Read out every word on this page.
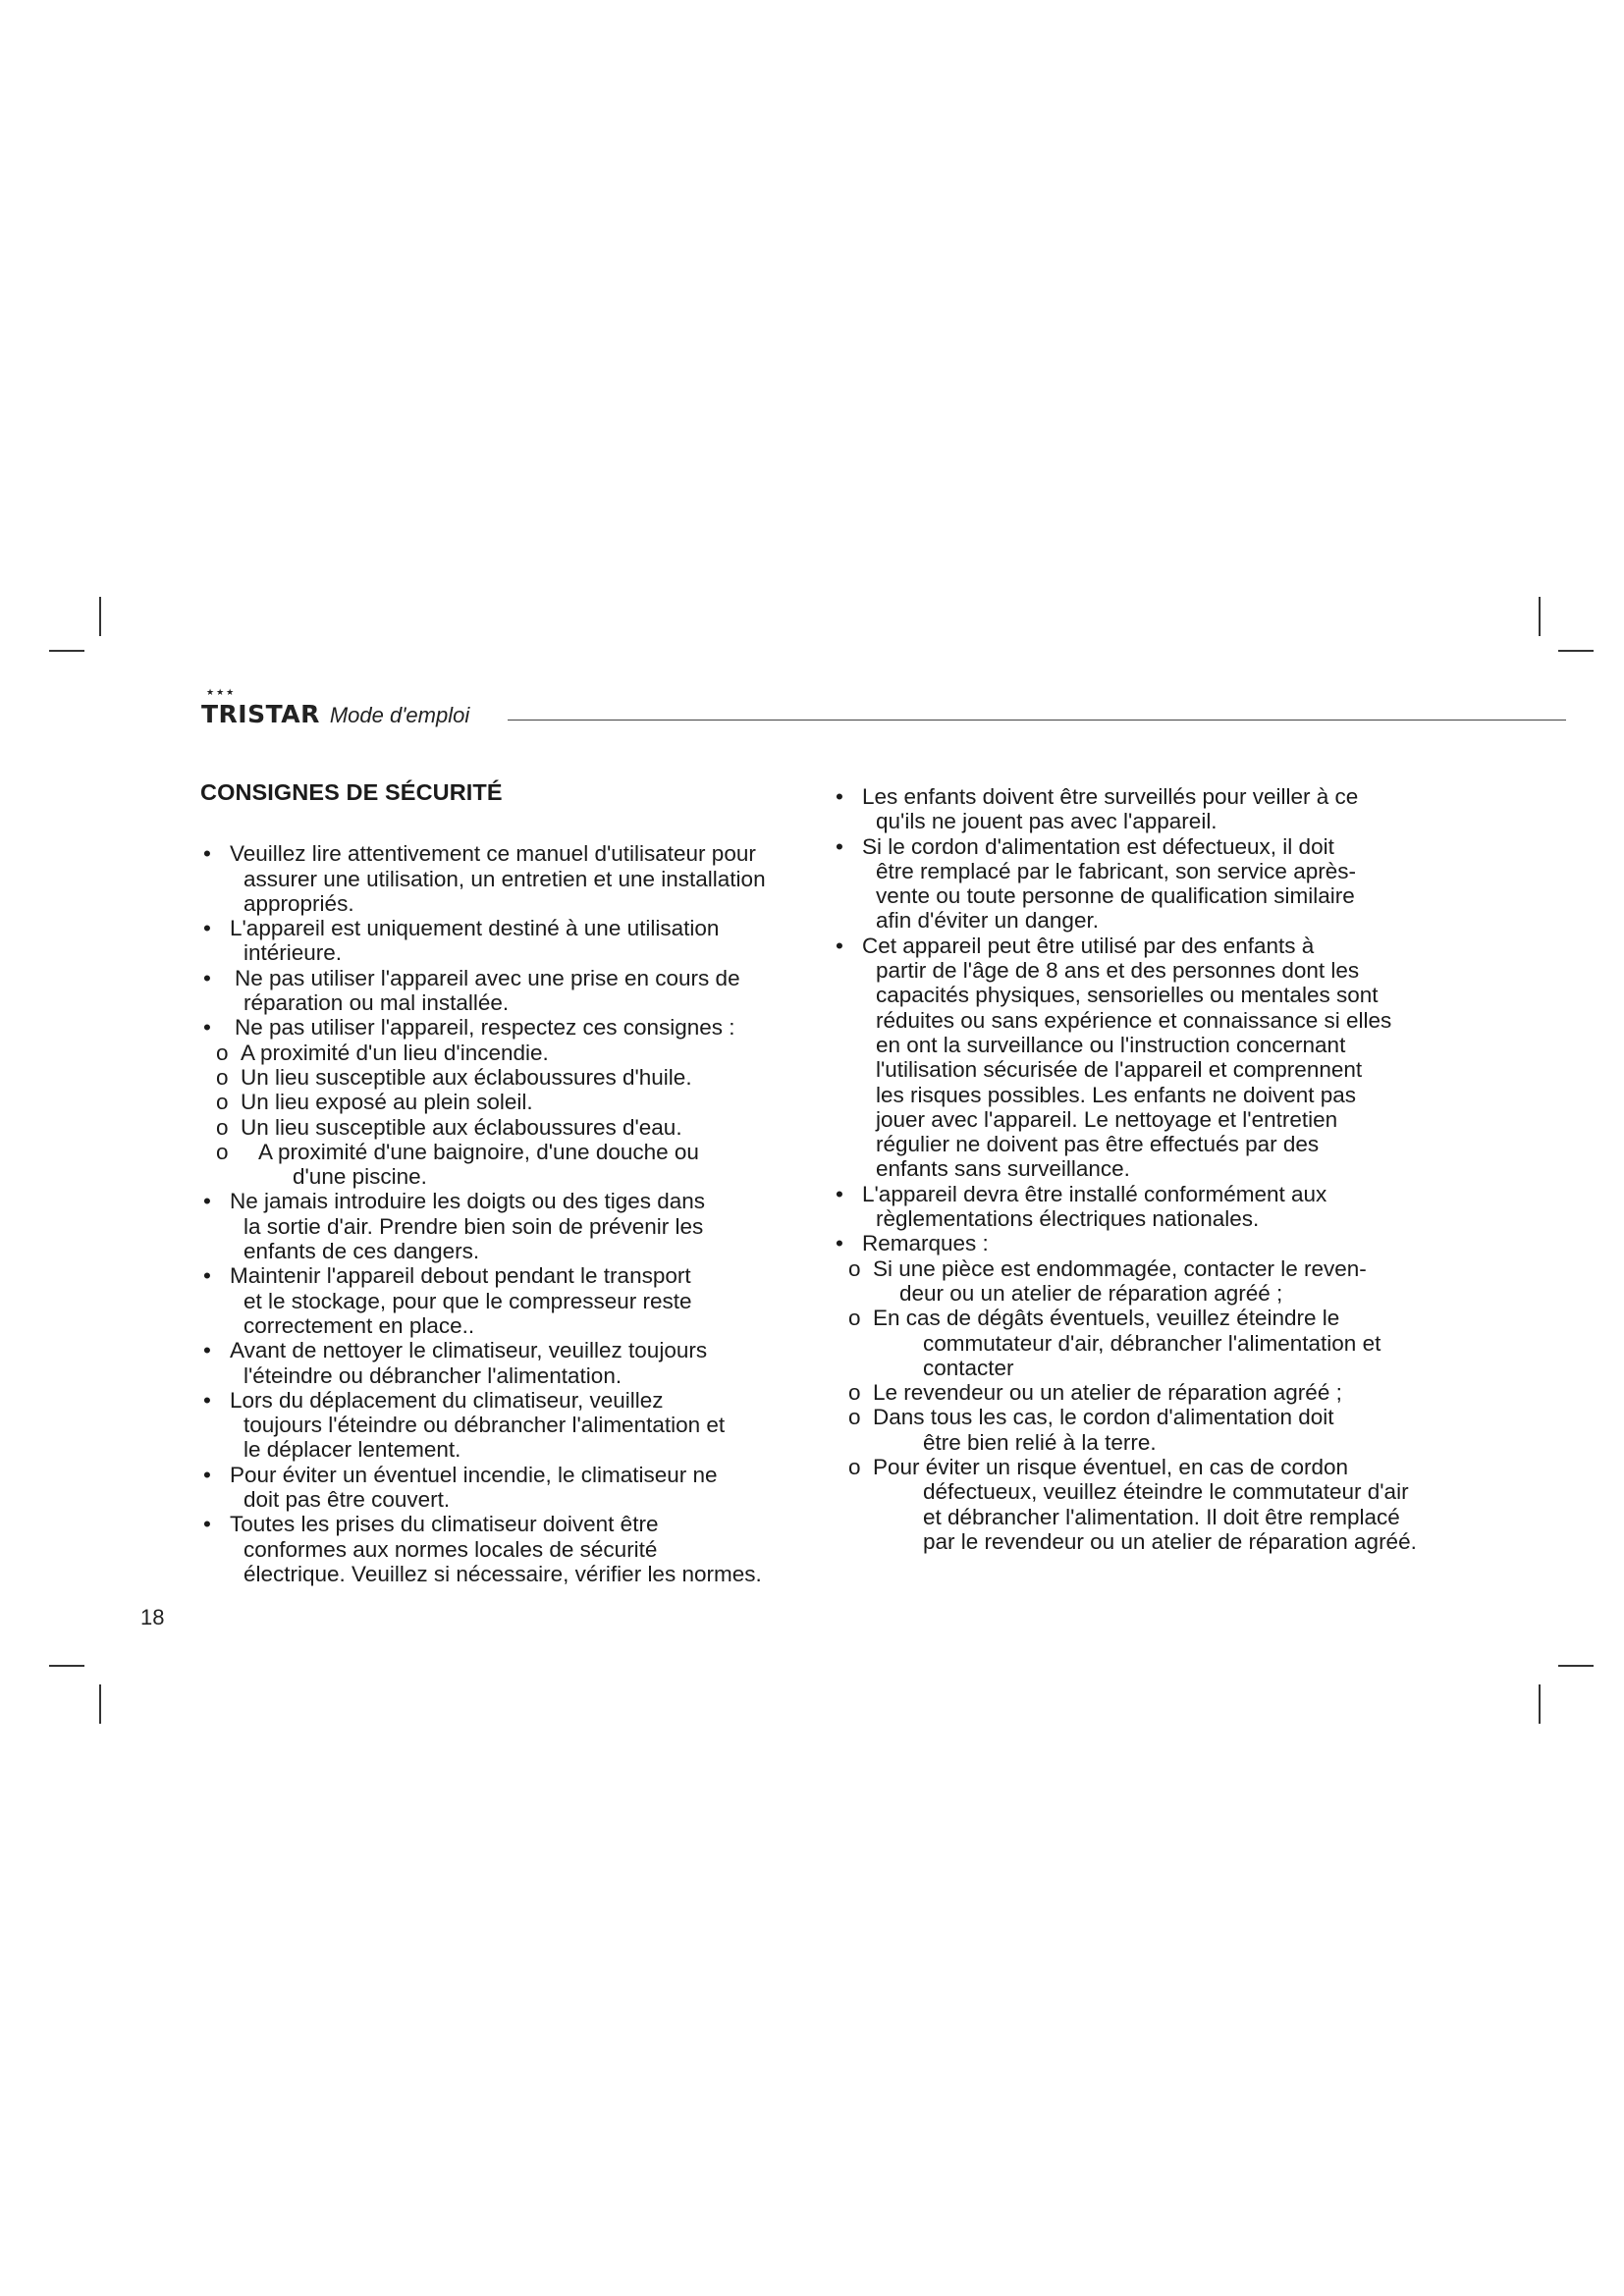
★★★
TRISTAR Mode d'emploi
CONSIGNES DE SÉCURITÉ
• Veuillez lire attentivement ce manuel d'utilisateur pour
assurer une utilisation, un entretien et une installation
appropriés.
• L'appareil est uniquement destiné à une utilisation
intérieure.
• Ne pas utiliser l'appareil avec une prise en cours de
réparation ou mal installée.
• Ne pas utiliser l'appareil, respectez ces consignes :
o A proximité d'un lieu d'incendie.
o Un lieu susceptible aux éclaboussures d'huile.
o Un lieu exposé au plein soleil.
o Un lieu susceptible aux éclaboussures d'eau.
o	A proximité d'une baignoire, d'une douche ou
d'une piscine.
• Ne jamais introduire les doigts ou des tiges dans
la sortie d'air. Prendre bien soin de prévenir les
enfants de ces dangers.
• Maintenir l'appareil debout pendant le transport
et le stockage, pour que le compresseur reste
correctement en place..
• Avant de nettoyer le climatiseur, veuillez toujours
l'éteindre ou débrancher l'alimentation.
• Lors du déplacement du climatiseur, veuillez
toujours l'éteindre ou débrancher l'alimentation et
le déplacer lentement.
• Pour éviter un éventuel incendie, le climatiseur ne
doit pas être couvert.
• Toutes les prises du climatiseur doivent être
conformes aux normes locales de sécurité
électrique. Veuillez si nécessaire, vérifier les normes.
• Les enfants doivent être surveillés pour veiller à ce
qu'ils ne jouent pas avec l'appareil.
• Si le cordon d'alimentation est défectueux, il doit
être remplacé par le fabricant, son service après-
vente ou toute personne de qualification similaire
afin d'éviter un danger.
• Cet appareil peut être utilisé par des enfants à
partir de l'âge de 8 ans et des personnes dont les
capacités physiques, sensorielles ou mentales sont
réduites ou sans expérience et connaissance si elles
en ont la surveillance ou l'instruction concernant
l'utilisation sécurisée de l'appareil et comprennent
les risques possibles. Les enfants ne doivent pas
jouer avec l'appareil. Le nettoyage et l'entretien
régulier ne doivent pas être effectués par des
enfants sans surveillance.
• L'appareil devra être installé conformément aux
règlementations électriques nationales.
• Remarques :
o Si une pièce est endommagée, contacter le reven-
deur ou un atelier de réparation agréé ;
o En cas de dégâts éventuels, veuillez éteindre le
commutateur d'air, débrancher l'alimentation et
contacter
o Le revendeur ou un atelier de réparation agréé ;
o Dans tous les cas, le cordon d'alimentation doit
être bien relié à la terre.
o Pour éviter un risque éventuel, en cas de cordon
défectueux, veuillez éteindre le commutateur d'air
et débrancher l'alimentation. Il doit être remplacé
par le revendeur ou un atelier de réparation agréé.
18
